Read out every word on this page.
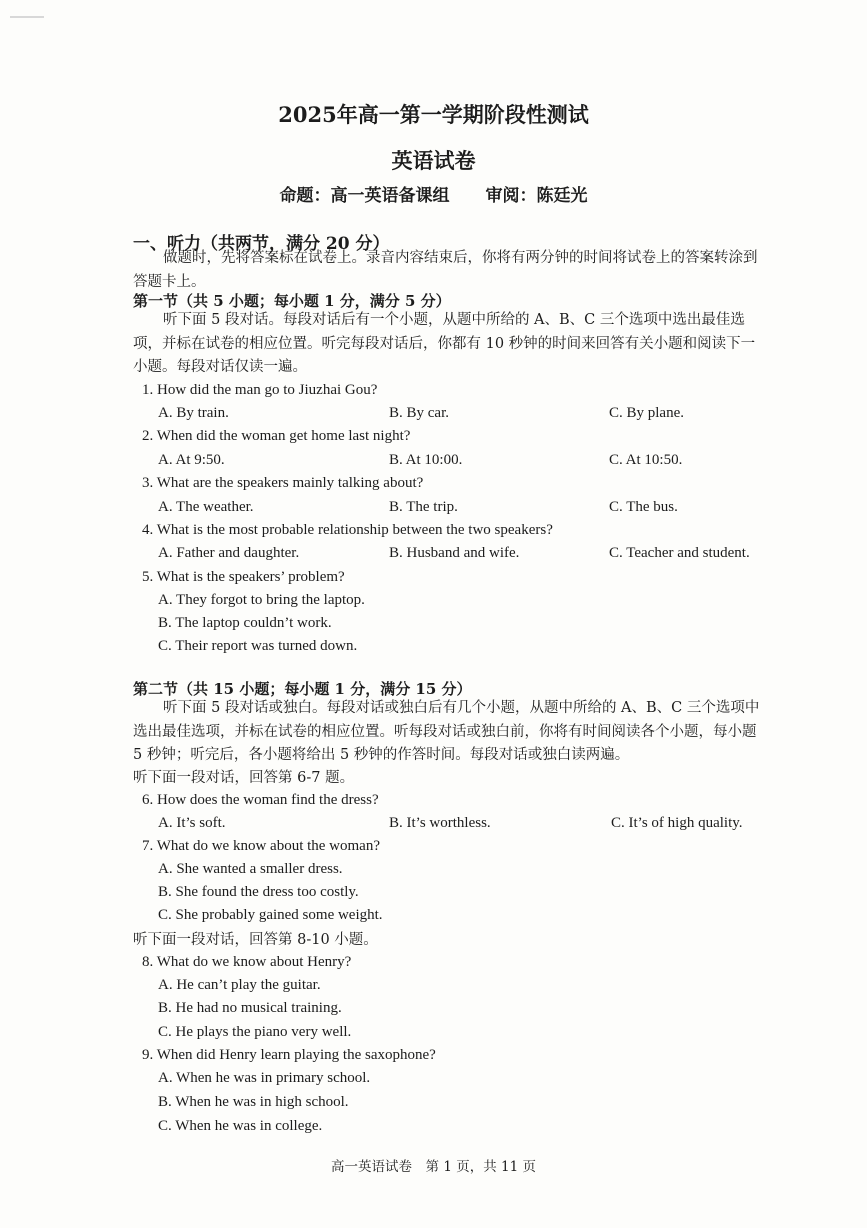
2025年高一第一学期阶段性测试
英语试卷
命题：高一英语备课组 审阅：陈廷光
一、听力（共两节，满分 20 分）
做题时，先将答案标在试卷上。录音内容结束后，你将有两分钟的时间将试卷上的答案转涂到答题卡上。
第一节（共 5 小题；每小题 1 分，满分 5 分）
听下面 5 段对话。每段对话后有一个小题，从题中所给的 A、B、C 三个选项中选出最佳选项，并标在试卷的相应位置。听完每段对话后，你都有 10 秒钟的时间来回答有关小题和阅读下一小题。每段对话仅读一遍。
1. How did the man go to Jiuzhai Gou?
A. By train.	B. By car.	C. By plane.
2. When did the woman get home last night?
A. At 9:50.	B. At 10:00.	C. At 10:50.
3. What are the speakers mainly talking about?
A. The weather.	B. The trip.	C. The bus.
4. What is the most probable relationship between the two speakers?
A. Father and daughter.	B. Husband and wife.	C. Teacher and student.
5. What is the speakers’ problem?
A. They forgot to bring the laptop.
B. The laptop couldn’t work.
C. Their report was turned down.
第二节（共 15 小题；每小题 1 分，满分 15 分）
听下面 5 段对话或独白。每段对话或独白后有几个小题，从题中所给的 A、B、C 三个选项中选出最佳选项，并标在试卷的相应位置。听每段对话或独白前，你将有时间阅读各个小题，每小题 5 秒钟；听完后，各小题将给出 5 秒钟的作答时间。每段对话或独白读两遍。
听下面一段对话，回答第 6-7 题。
6. How does the woman find the dress?
A. It’s soft.	B. It’s worthless.	C. It’s of high quality.
7. What do we know about the woman?
A. She wanted a smaller dress.
B. She found the dress too costly.
C. She probably gained some weight.
听下面一段对话，回答第 8-10 小题。
8. What do we know about Henry?
A. He can’t play the guitar.
B. He had no musical training.
C. He plays the piano very well.
9. When did Henry learn playing the saxophone?
A. When he was in primary school.
B. When he was in high school.
C. When he was in college.
高一英语试卷　第 1 页，共 11 页
